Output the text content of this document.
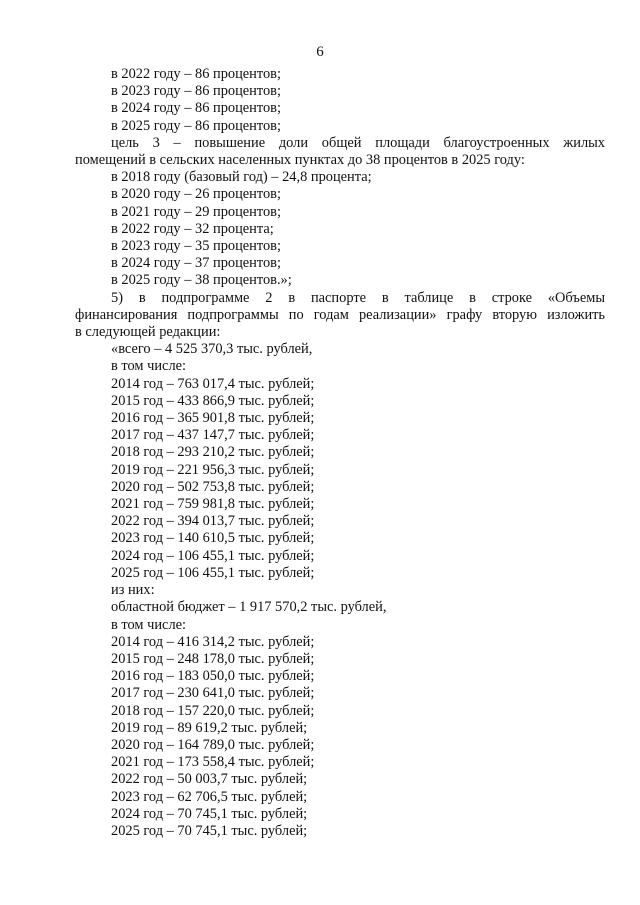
6

в 2022 году – 86 процентов;

в 2023 году – 86 процентов;

в 2024 году – 86 процентов;

в 2025 году – 86 процентов;

цель 3 – повышение доли общей площади благоустроенных жилых

помещений в сельских населенных пунктах до 38 процентов в 2025 году:

в 2018 году (базовый год) – 24,8 процента;

в 2020 году – 26 процентов;

в 2021 году – 29 процентов;

в 2022 году – 32 процента;

в 2023 году – 35 процентов;

в 2024 году – 37 процентов;

в 2025 году – 38 процентов.»;

5) в подпрограмме 2 в паспорте в таблице в строке «Объемы

финансирования подпрограммы по годам реализации» графу вторую изложить

в следующей редакции:

«всего – 4 525 370,3 тыс. рублей,

в том числе:

2014 год – 763 017,4 тыс. рублей;

2015 год – 433 866,9 тыс. рублей;

2016 год – 365 901,8 тыс. рублей;

2017 год – 437 147,7 тыс. рублей;

2018 год – 293 210,2 тыс. рублей;

2019 год – 221 956,3 тыс. рублей;

2020 год – 502 753,8 тыс. рублей;

2021 год – 759 981,8 тыс. рублей;

2022 год – 394 013,7 тыс. рублей;

2023 год – 140 610,5 тыс. рублей;

2024 год – 106 455,1 тыс. рублей;

2025 год – 106 455,1 тыс. рублей;

из них:

областной бюджет – 1 917 570,2 тыс. рублей,

в том числе:

2014 год – 416 314,2 тыс. рублей;

2015 год – 248 178,0 тыс. рублей;

2016 год – 183 050,0 тыс. рублей;

2017 год – 230 641,0 тыс. рублей;

2018 год – 157 220,0 тыс. рублей;

2019 год – 89 619,2 тыс. рублей;

2020 год – 164 789,0 тыс. рублей;

2021 год – 173 558,4 тыс. рублей;

2022 год – 50 003,7 тыс. рублей;

2023 год – 62 706,5 тыс. рублей;

2024 год – 70 745,1 тыс. рублей;

2025 год – 70 745,1 тыс. рублей;
